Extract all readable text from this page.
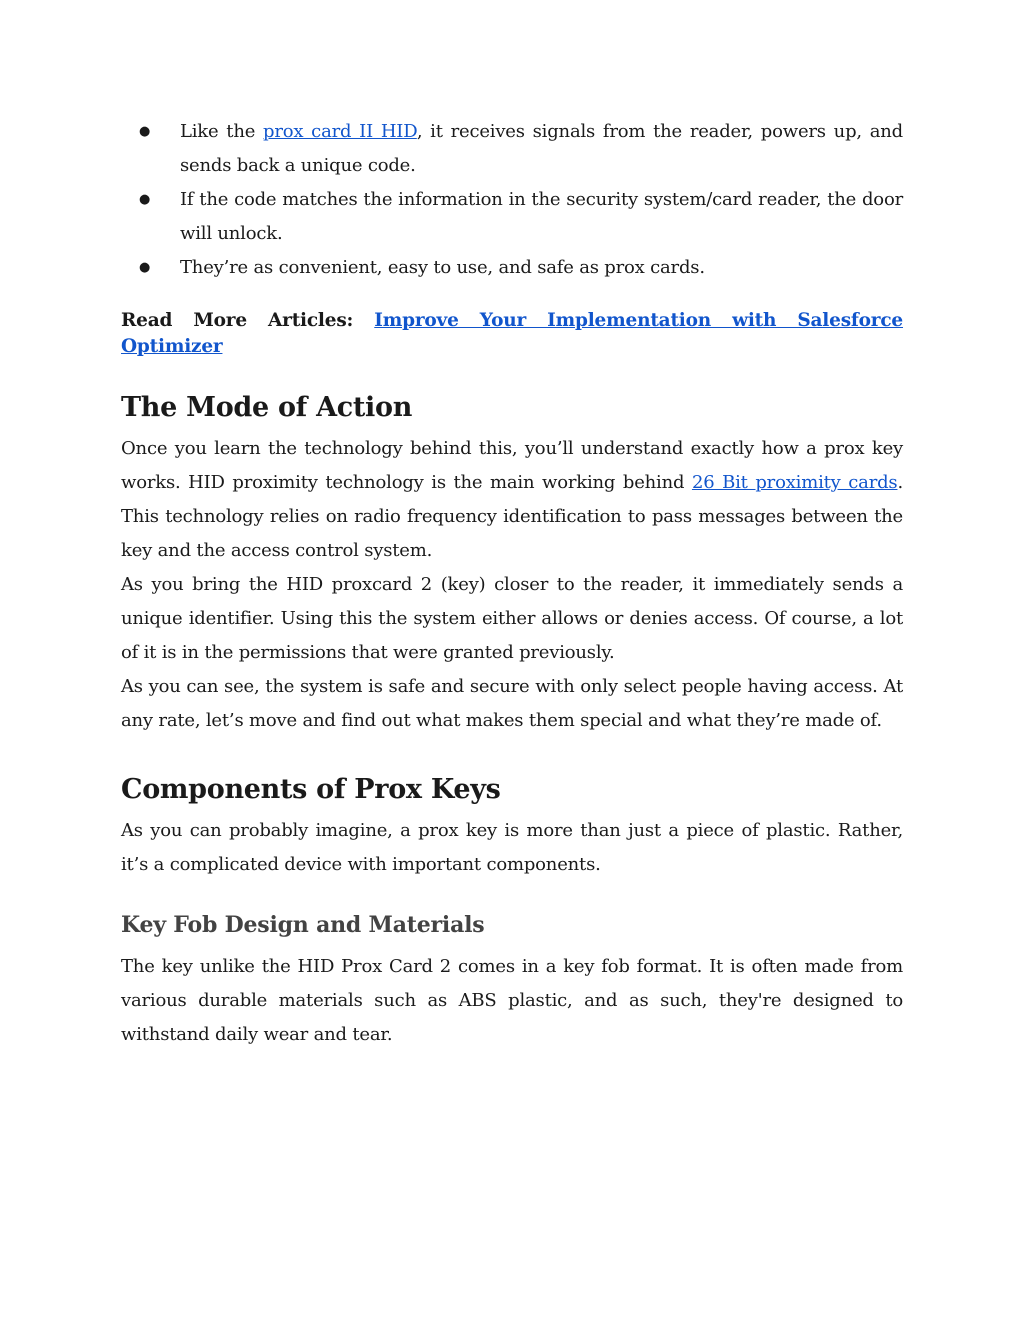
● Like the prox card II HID, it receives signals from the reader, powers up, and sends back a unique code.
● If the code matches the information in the security system/card reader, the door will unlock.
● They’re as convenient, easy to use, and safe as prox cards.

Read More Articles: Improve Your Implementation with Salesforce Optimizer

The Mode of Action

Once you learn the technology behind this, you’ll understand exactly how a prox key works. HID proximity technology is the main working behind 26 Bit proximity cards. This technology relies on radio frequency identification to pass messages between the key and the access control system.

As you bring the HID proxcard 2 (key) closer to the reader, it immediately sends a unique identifier. Using this the system either allows or denies access. Of course, a lot of it is in the permissions that were granted previously.

As you can see, the system is safe and secure with only select people having access. At any rate, let’s move and find out what makes them special and what they’re made of.

Components of Prox Keys

As you can probably imagine, a prox key is more than just a piece of plastic. Rather, it’s a complicated device with important components.

Key Fob Design and Materials

The key unlike the HID Prox Card 2 comes in a key fob format. It is often made from various durable materials such as ABS plastic, and as such, they're designed to withstand daily wear and tear.
